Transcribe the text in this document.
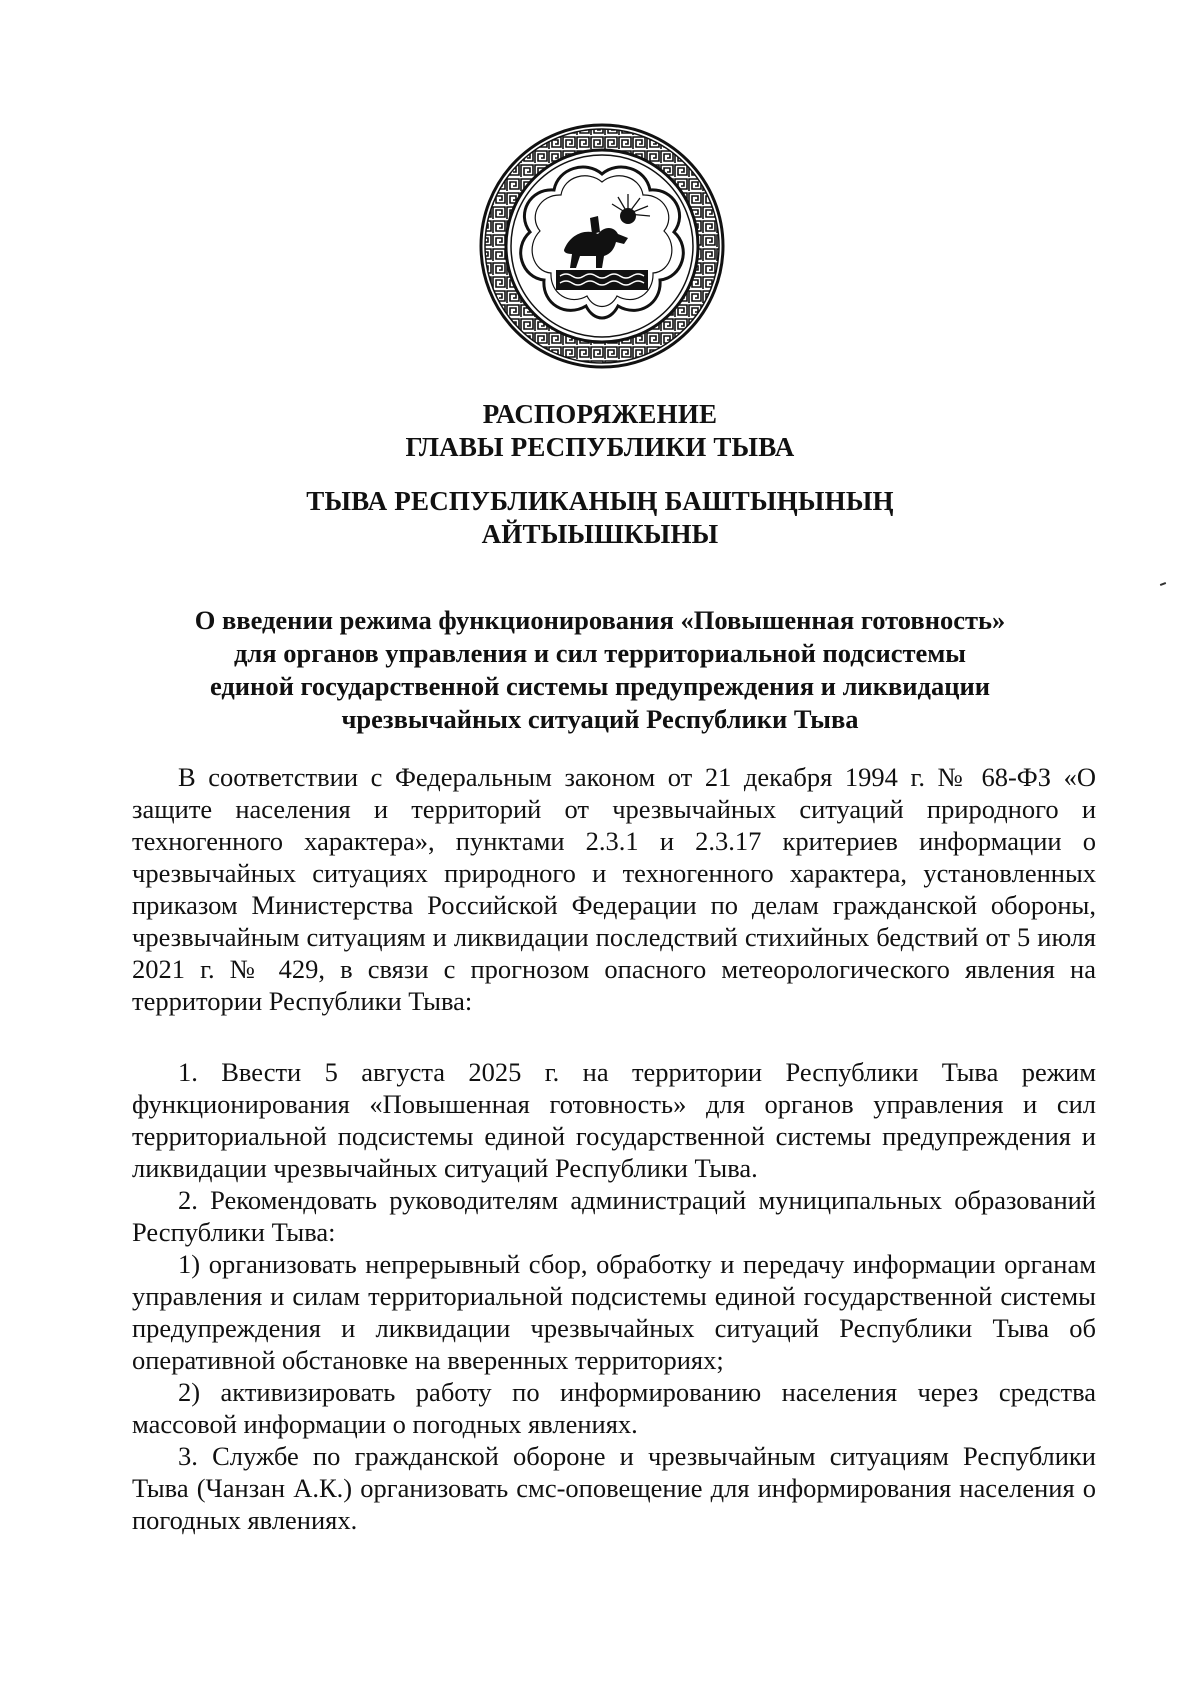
РАСПОРЯЖЕНИЕ
ГЛАВЫ РЕСПУБЛИКИ ТЫВА
ТЫВА РЕСПУБЛИКАНЫҢ БАШТЫҢЫНЫҢ
АЙТЫЫШКЫНЫ
О введении режима функционирования «Повышенная готовность»
для органов управления и сил территориальной подсистемы
единой государственной системы предупреждения и ликвидации
чрезвычайных ситуаций Республики Тыва

В соответствии с Федеральным законом от 21 декабря 1994 г. № 68-ФЗ «О защите населения и территорий от чрезвычайных ситуаций природного и техногенного характера», пунктами 2.3.1 и 2.3.17 критериев информации о чрезвычайных ситуациях природного и техногенного характера, установленных приказом Министерства Российской Федерации по делам гражданской обороны, чрезвычайным ситуациям и ликвидации последствий стихийных бедствий от 5 июля 2021 г. № 429, в связи с прогнозом опасного метеорологического явления на территории Республики Тыва:

1. Ввести 5 августа 2025 г. на территории Республики Тыва режим функционирования «Повышенная готовность» для органов управления и сил территориальной подсистемы единой государственной системы предупреждения и ликвидации чрезвычайных ситуаций Республики Тыва.

2. Рекомендовать руководителям администраций муниципальных образований Республики Тыва:

1) организовать непрерывный сбор, обработку и передачу информации органам управления и силам территориальной подсистемы единой государственной системы предупреждения и ликвидации чрезвычайных ситуаций Республики Тыва об оперативной обстановке на вверенных территориях;

2) активизировать работу по информированию населения через средства массовой информации о погодных явлениях.

3. Службе по гражданской обороне и чрезвычайным ситуациям Республики Тыва (Чанзан А.К.) организовать смс-оповещение для информирования населения о погодных явлениях.
